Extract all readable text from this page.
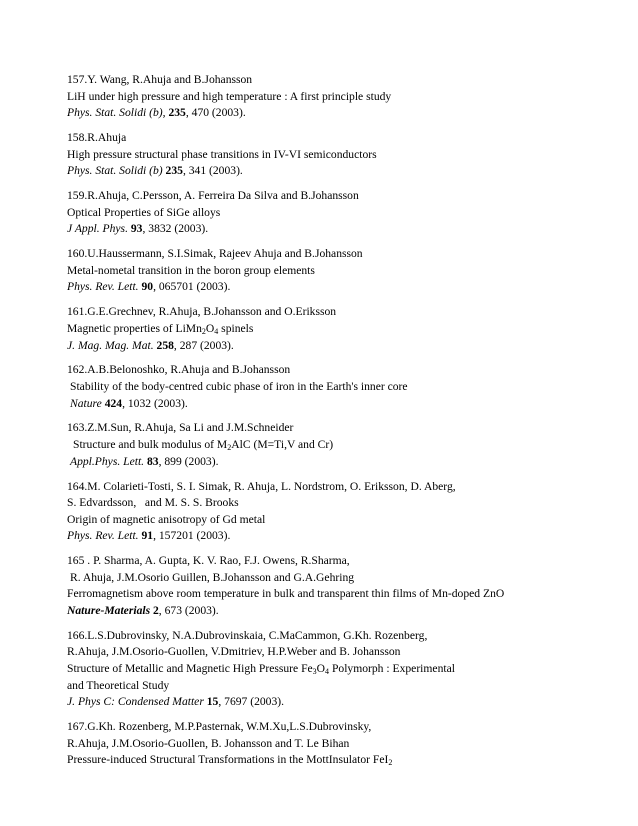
157.Y. Wang, R.Ahuja and B.Johansson
LiH under high pressure and high temperature : A first principle study
Phys. Stat. Solidi (b), 235, 470 (2003).
158.R.Ahuja
High pressure structural phase transitions in IV-VI semiconductors
Phys. Stat. Solidi (b) 235, 341 (2003).
159.R.Ahuja, C.Persson, A. Ferreira Da Silva and B.Johansson
Optical Properties of SiGe alloys
J Appl. Phys. 93, 3832 (2003).
160.U.Haussermann, S.I.Simak, Rajeev Ahuja and B.Johansson
Metal-nometal transition in the boron group elements
Phys. Rev. Lett. 90, 065701 (2003).
161.G.E.Grechnev, R.Ahuja, B.Johansson and O.Eriksson
Magnetic properties of $LiMn_2O_4$ spinels
J. Mag. Mag. Mat. 258, 287 (2003).
162.A.B.Belonoshko, R.Ahuja and B.Johansson
Stability of the body-centred cubic phase of iron in the Earth's inner core
Nature 424, 1032 (2003).
163.Z.M.Sun, R.Ahuja, Sa Li and J.M.Schneider
Structure and bulk modulus of $M_2AlC$ (M=Ti,V and Cr)
Appl.Phys. Lett. 83, 899 (2003).
164.M. Colarieti-Tosti, S. I. Simak, R. Ahuja, L. Nordstrom, O. Eriksson, D. Aberg,
S. Edvardsson,   and M. S. S. Brooks
Origin of magnetic anisotropy of Gd metal
Phys. Rev. Lett. 91, 157201 (2003).
165 . P. Sharma, A. Gupta, K. V. Rao, F.J. Owens, R.Sharma,
R. Ahuja, J.M.Osorio Guillen, B.Johansson and G.A.Gehring
Ferromagnetism above room temperature in bulk and transparent thin films of Mn-doped ZnO
Nature-Materials 2, 673 (2003).
166.L.S.Dubrovinsky, N.A.Dubrovinskaia, C.MaCammon, G.Kh. Rozenberg,
R.Ahuja, J.M.Osorio-Guollen, V.Dmitriev, H.P.Weber and B. Johansson
Structure of Metallic and Magnetic High Pressure $Fe_3O_4$ Polymorph : Experimental
and Theoretical Study
J. Phys C: Condensed Matter 15, 7697 (2003).
167.G.Kh. Rozenberg, M.P.Pasternak, W.M.Xu,L.S.Dubrovinsky,
R.Ahuja, J.M.Osorio-Guollen, B. Johansson and T. Le Bihan
Pressure-induced Structural Transformations in the MottInsulator FeI$_2$
